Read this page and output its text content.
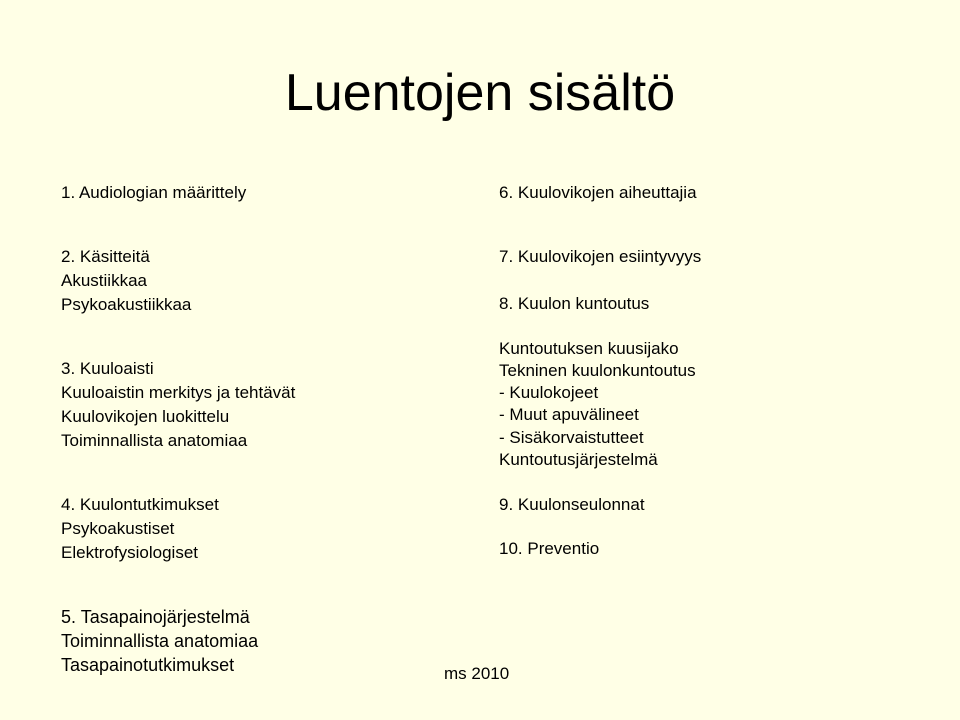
Luentojen sisältö
1. Audiologian määrittely
2. Käsitteitä
Akustiikkaa
Psykoakustiikkaa
3. Kuuloaisti
Kuuloaistin merkitys ja tehtävät
Kuulovikojen luokittelu
Toiminnallista anatomiaa
4. Kuulontutkimukset
Psykoakustiset
Elektrofysiologiset
5. Tasapainojärjestelmä
Toiminnallista anatomiaa
Tasapainotutkimukset
6. Kuulovikojen aiheuttajia
7. Kuulovikojen esiintyvyys
8. Kuulon kuntoutus
Kuntoutuksen kuusijako
Tekninen kuulonkuntoutus
- Kuulokojeet
- Muut apuvälineet
- Sisäkorvaistutteet
Kuntoutusjärjestelmä
9. Kuulonseulonnat
10. Preventio
ms 2010
